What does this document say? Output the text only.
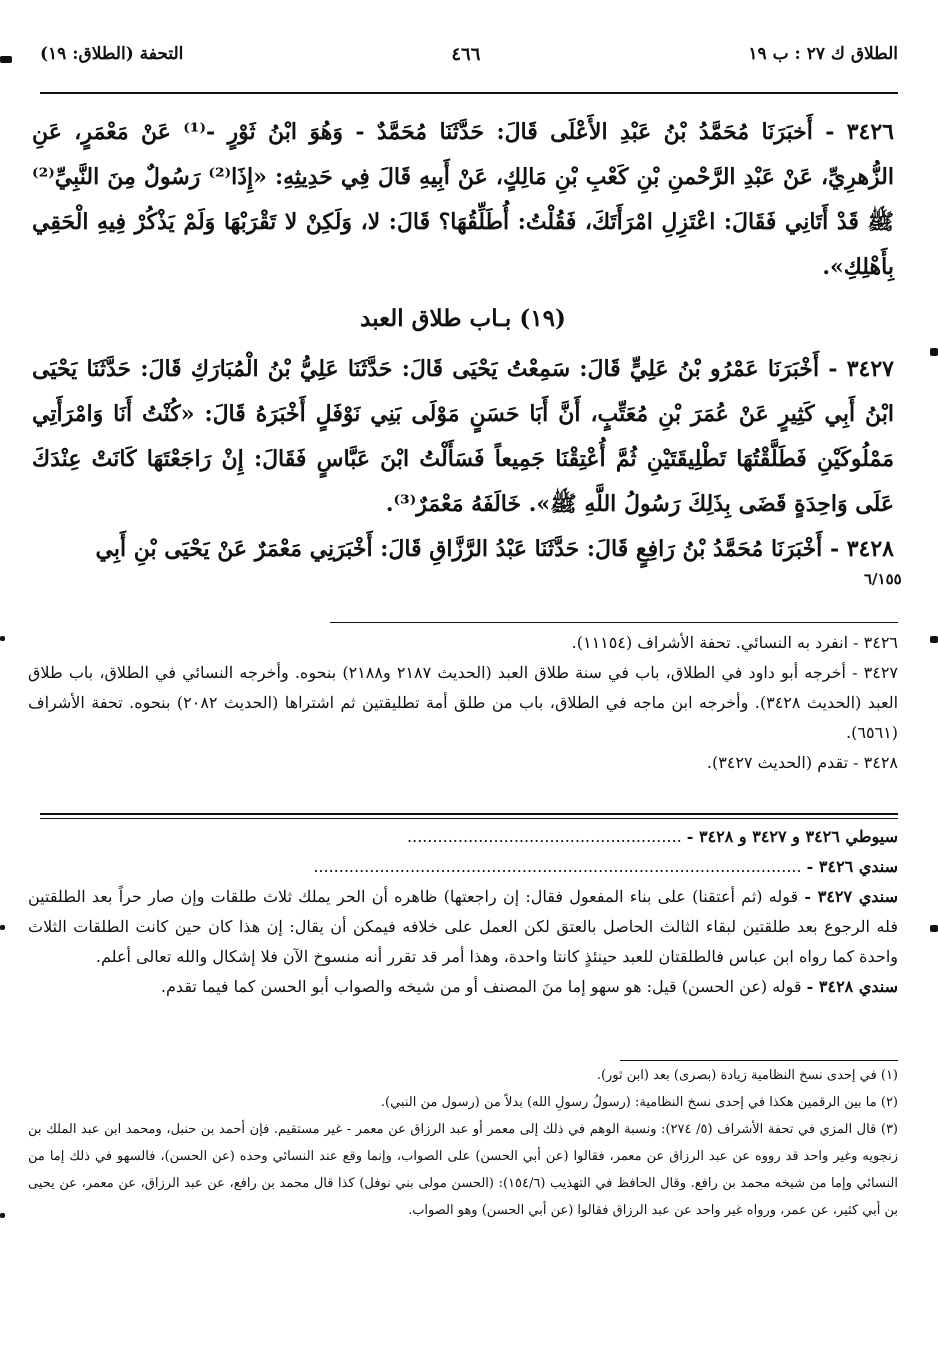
الطلاق ك ٢٧ : ب ١٩
٤٦٦
التحفة (الطلاق: ١٩)

٣٤٢٦ - أَخبَرَنَا مُحَمَّدُ بْنُ عَبْدِ الأَعْلَى قَالَ: حَدَّثَنَا مُحَمَّدٌ - وَهُوَ ابْنُ ثَوْرٍ -⁽¹⁾ عَنْ مَعْمَرٍ، عَنِ الزُّهرِيِّ، عَنْ عَبْدِ الرَّحْمنِ بْنِ كَعْبِ بْنِ مَالِكٍ، عَنْ أَبِيهِ قَالَ فِي حَدِيثِهِ: «إِذَا⁽²⁾ رَسُولٌ مِنَ النَّبِيِّ⁽²⁾ ﷺ قَدْ أَتَانِي فَقَالَ: اعْتَزِلِ امْرَأَتَكَ، فَقُلْتُ: أُطَلِّقُهَا؟ قَالَ: لا، وَلَكِنْ لا تَقْرَبْهَا وَلَمْ يَذْكُرْ فِيهِ الْحَقِي بِأَهْلِكِ».

(١٩) بـاب طلاق العبد

٣٤٢٧ - أَخْبَرَنَا عَمْرُو بْنُ عَلِيٍّ قَالَ: سَمِعْتُ يَحْيَى قَالَ: حَدَّثَنَا عَلِيُّ بْنُ الْمُبَارَكِ قَالَ: حَدَّثَنَا يَحْيَى ابْنُ أَبِي كَثِيرٍ عَنْ عُمَرَ بْنِ مُعَتِّبٍ، أَنَّ أَبَا حَسَنٍ مَوْلَى بَنِي نَوْفَلٍ أَخْبَرَهُ قَالَ: «كُنْتُ أَنَا وَامْرَأَتِي مَمْلُوكَيْنِ فَطَلَّقْتُهَا تَطْلِيقَتَيْنِ ثُمَّ أُعْتِقْنَا جَمِيعاً فَسَأَلْتُ ابْنَ عَبَّاسٍ فَقَالَ: إِنْ رَاجَعْتَهَا كَانَتْ عِنْدَكَ عَلَى وَاحِدَةٍ قَضَى بِذَلِكَ رَسُولُ اللَّهِ ﷺ». خَالَفَهُ مَعْمَرٌ⁽³⁾.

٣٤٢٨ - أَخْبَرَنَا مُحَمَّدُ بْنُ رَافِعٍ قَالَ: حَدَّثَنَا عَبْدُ الرَّزَّاقِ قَالَ: أَخْبَرَنِي مَعْمَرٌ عَنْ يَحْيَى بْنِ أَبِي

٦/١٥٥

٣٤٢٦ - انفرد به النسائي. تحفة الأشراف (١١١٥٤).

٣٤٢٧ - أخرجه أبو داود في الطلاق، باب في سنة طلاق العبد (الحديث ٢١٨٧ و٢١٨٨) بنحوه. وأخرجه النسائي في الطلاق، باب طلاق العبد (الحديث ٣٤٢٨). وأخرجه ابن ماجه في الطلاق، باب من طلق أمة تطليقتين ثم اشتراها (الحديث ٢٠٨٢) بنحوه. تحفة الأشراف (٦٥٦١).

٣٤٢٨ - تقدم (الحديث ٣٤٢٧).

سيوطي ٣٤٢٦ و ٣٤٢٧ و ٣٤٢٨ - ......................................................

سندي ٣٤٢٦ - ................................................................................................

سندي ٣٤٢٧ - قوله (ثم أعتقنا) على بناء المفعول فقال: إن راجعتها) ظاهره أن الحر يملك ثلاث طلقات وإن صار حراً بعد الطلقتين فله الرجوع بعد طلقتين لبقاء الثالث الحاصل بالعتق لكن العمل على خلافه فيمكن أن يقال: إن هذا كان حين كانت الطلقات الثلاث واحدة كما رواه ابن عباس فالطلقتان للعبد حينئذٍ كانتا واحدة، وهذا أمر قد تقرر أنه منسوخ الآن فلا إشكال والله تعالى أعلم.

سندي ٣٤٢٨ - قوله (عن الحسن) قيل: هو سهو إما منَ المصنف أو من شيخه والصواب أبو الحسن كما فيما تقدم.

(١) في إحدى نسخ النظامية زيادة (بصرى) بعد (ابن ثور).

(٢) ما بين الرقمين هكذا في إحدى نسخ النظامية: (رسولُ رسولِ الله) بدلاً من (رسول من النبي).

(٣) قال المزي في تحفة الأشراف (٥/ ٢٧٤): ونسبة الوهم في ذلك إلى معمر أو عبد الرزاق عن معمر - غير مستقيم. فإن أحمد بن حنبل، ومحمد ابن عبد الملك بن زنجويه وغير واحد قد رووه عن عبد الرزاق عن معمر، فقالوا (عن أبي الحسن) على الصواب، وإنما وقع عند النسائي وحده (عن الحسن)، فالسهو في ذلك إما من النسائي وإما من شيخه محمد بن رافع. وقال الحافظ في التهذيب (١٥٤/٦): (الحسن مولى بني نوفل) كذا قال محمد بن رافع، عن عبد الرزاق، عن معمر، عن يحيى بن أبي كثير، عن عمر، ورواه غير واحد عن عبد الرزاق فقالوا (عن أبي الحسن) وهو الصواب.
